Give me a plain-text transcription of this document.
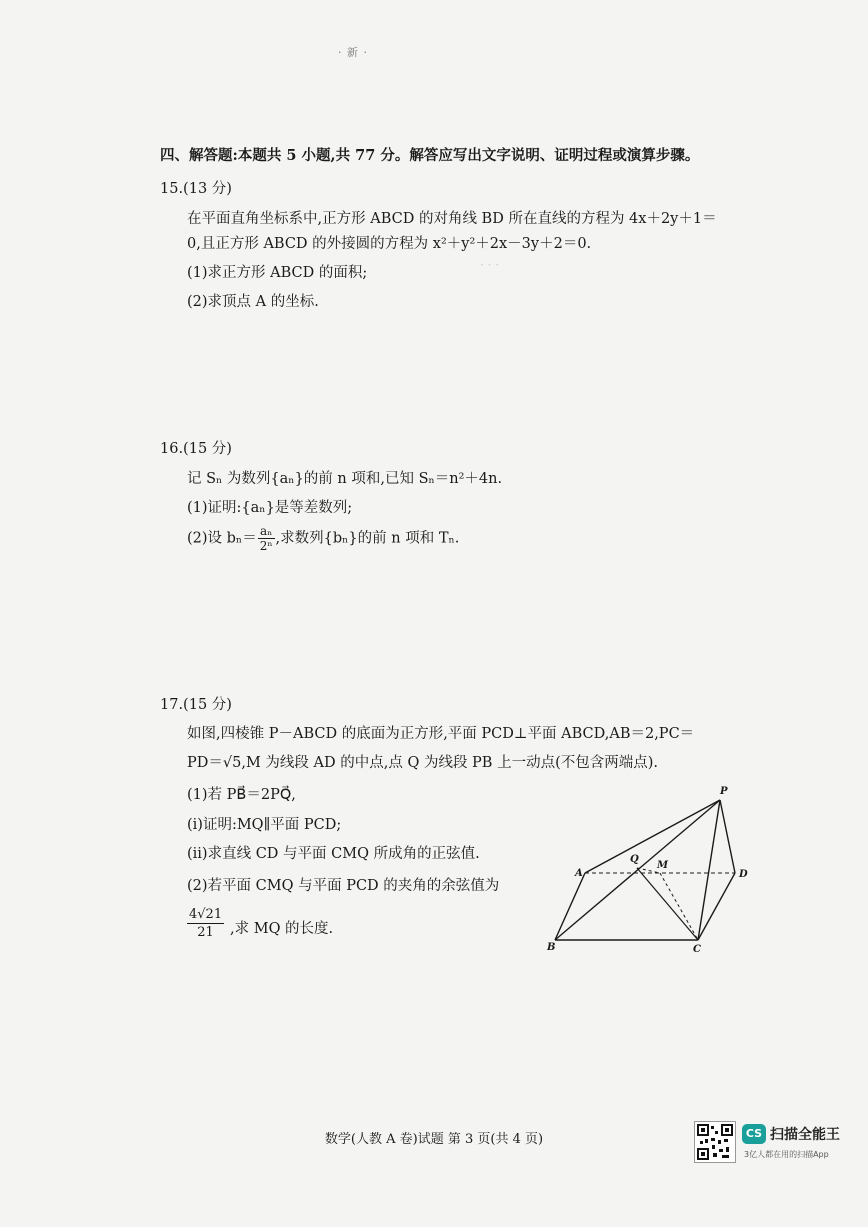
· 新 ·
· · ·
四、解答题:本题共 5 小题,共 77 分。解答应写出文字说明、证明过程或演算步骤。
15.(13 分)
在平面直角坐标系中,正方形 ABCD 的对角线 BD 所在直线的方程为 4x＋2y＋1＝
0,且正方形 ABCD 的外接圆的方程为 x²＋y²＋2x－3y＋2＝0.
(1)求正方形 ABCD 的面积;
(2)求顶点 A 的坐标.
16.(15 分)
记 Sₙ 为数列{aₙ}的前 n 项和,已知 Sₙ＝n²＋4n.
(1)证明:{aₙ}是等差数列;
(2)设 $b_n= \frac{\text{aₙ}}{\text{2ⁿ}}$ ,求数列{bₙ}的前 n 项和 Tₙ.
17.(15 分)
如图,四棱锥 P－ABCD 的底面为正方形,平面 PCD⊥平面 ABCD,AB＝2,PC＝
PD＝√5,M 为线段 AD 的中点,点 Q 为线段 PB 上一动点(不包含两端点).
(1)若 PB⃗＝2PQ⃗,
(ⅰ)证明:MQ∥平面 PCD;
(ⅱ)求直线 CD 与平面 CMQ 所成角的正弦值.
(2)若平面 CMQ 与平面 PCD 的夹角的余弦值为
$\frac{4√21}{21}$ ,求 MQ 的长度.
P
A	D
B	C
Q
M
数学(人教 A 卷)试题 第 3 页(共 4 页)	CS 扫描全能王
3亿人都在用的扫描App
